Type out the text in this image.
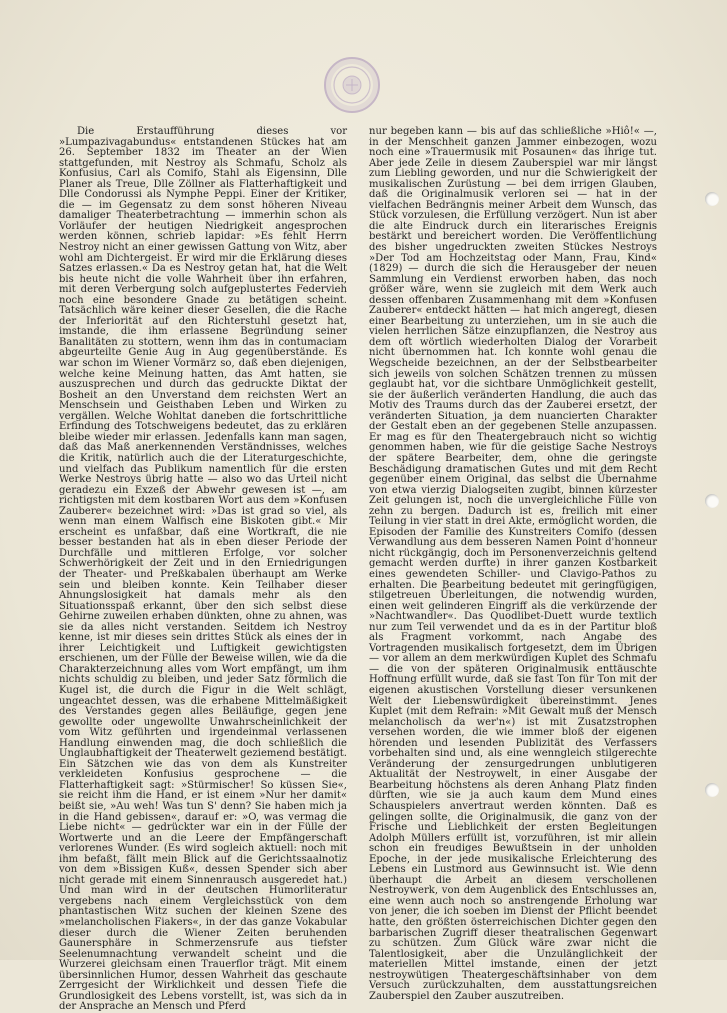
Die Erstaufführung dieses vor »Lumpazivagabundus« entstandenen Stückes hat am 26. September 1832 im Theater an der Wien stattgefunden, mit Nestroy als Schmafu, Scholz als Konfusius, Carl als Comifo, Stahl als Eigensinn, Dlle Planer als Treue, Dlle Zöllner als Flatterhaftigkeit und Dlle Condorussi als Nymphe Peppi. Einer der Kritiker, die — im Gegensatz zu dem sonst höheren Niveau damaliger Theaterbetrachtung — immerhin schon als Vorläufer der heutigen Niedrigkeit angesprochen werden können, schrieb lapidar: »Es fehlt Herrn Nestroy nicht an einer gewissen Gattung von Witz, aber wohl am Dichtergeist. Er wird mir die Erklärung dieses Satzes erlassen.« Da es Nestroy getan hat, hat die Welt bis heute nicht die volle Wahrheit über ihn erfahren, mit deren Verbergung solch aufgeplustertes Federvieh noch eine besondere Gnade zu betätigen scheint. Tatsächlich wäre keiner dieser Gesellen, die die Rache der Inferiorität auf den Richterstuhl gesetzt hat, imstande, die ihm erlassene Begründung seiner Banalitäten zu stottern, wenn ihm das in contumaciam abgeurteilte Genie Aug in Aug gegenüberstände. Es war schon im Wiener Vormärz so, daß eben diejenigen, welche keine Meinung hatten, das Amt hatten, sie auszusprechen und durch das gedruckte Diktat der Bosheit an den Unverstand dem reichsten Wert an Menschsein und Geisthaben Leben und Wirken zu vergällen. Welche Wohltat daneben die fortschrittliche Erfindung des Totschweigens bedeutet, das zu erklären bleibe wieder mir erlassen. Jedenfalls kann man sagen, daß das Maß anerkennenden Verständnisses, welches die Kritik, natürlich auch die der Literaturgeschichte, und vielfach das Publikum namentlich für die ersten Werke Nestroys übrig hatte — also wo das Urteil nicht geradezu ein Exzeß der Abwehr gewesen ist —, am richtigsten mit dem kostbaren Wort aus dem »Konfusen Zauberer« bezeichnet wird: »Das ist grad so viel, als wenn man einem Walfisch eine Biskoten gibt.« Mir erscheint es unfaßbar, daß eine Wortkraft, die nie besser bestanden hat als in eben dieser Periode der Durchfälle und mittleren Erfolge, vor solcher Schwerhörigkeit der Zeit und in den Erniedrigungen der Theater- und Preßkabalen überhaupt am Werke sein und bleiben konnte. Kein Teilhaber dieser Ahnungslosigkeit hat damals mehr als den Situationsspaß erkannt, über den sich selbst diese Gehirne zuweilen erhaben dünkten, ohne zu ahnen, was sie da alles nicht verstanden. Seitdem ich Nestroy kenne, ist mir dieses sein drittes Stück als eines der in ihrer Leichtigkeit und Luftigkeit gewichtigsten erschienen, um der Fülle der Beweise willen, wie da die Charakterzeichnung alles vom Wort empfängt, um ihm nichts schuldig zu bleiben, und jeder Satz förmlich die Kugel ist, die durch die Figur in die Welt schlägt, ungeachtet dessen, was die erhabene Mittelmäßigkeit des Verstandes gegen alles Beiläufige, gegen jene gewollte oder ungewollte Unwahrscheinlichkeit der vom Witz geführten und irgendeinmal verlassenen Handlung einwenden mag, die doch schließlich die Unglaubhaftigkeit der Theaterwelt geziemend bestätigt. Ein Sätzchen wie das von dem als Kunstreiter verkleideten Konfusius gesprochene — die Flatterhaftigkeit sagt: »Stürmischer! So küssen Sie«, sie reicht ihm die Hand, er ist einem »Nur her damit« beißt sie, »Au weh! Was tun S' denn? Sie haben mich ja in die Hand gebissen«, darauf er: »O, was vermag die Liebe nicht« — gedrückter war ein in der Fülle der Wortwerte und an die Leere der Empfängerschaft verlorenes Wunder. (Es wird sogleich aktuell: noch mit ihm befaßt, fällt mein Blick auf die Gerichtssaalnotiz von dem »Bissigen Kuß«, dessen Spender sich aber nicht gerade mit einem Sinnenrausch ausgeredet hat.) Und man wird in der deutschen Humorliteratur vergebens nach einem Vergleichsstück von dem phantastischen Witz suchen der kleinen Szene des »melancholischen Fiakers«, in der das ganze Vokabular dieser durch die Wiener Zeiten beruhenden Gaunersphäre in Schmerzensrufe aus tiefster Seelenumnachtung verwandelt scheint und die Wurzerei gleichsam einen Trauerflor trägt. Mit einem übersinnlichen Humor, dessen Wahrheit das geschaute Zerrgesicht der Wirklichkeit und dessen Tiefe die Grundlosigkeit des Lebens vorstellt, ist, was sich da in der Ansprache an Mensch und Pferd

nur begeben kann — bis auf das schließliche »Hiô!« —, in der Menschheit ganzen Jammer einbezogen, wozu noch eine »Trauermusik mit Posaunen« das ihrige tut. Aber jede Zeile in diesem Zauberspiel war mir längst zum Liebling geworden, und nur die Schwierigkeit der musikalischen Zurüstung — bei dem irrigen Glauben, daß die Originalmusik verloren sei — hat in der vielfachen Bedrängnis meiner Arbeit dem Wunsch, das Stück vorzulesen, die Erfüllung verzögert. Nun ist aber die alte Eindruck durch ein literarisches Ereignis bestärkt und bereichert worden. Die Veröffentlichung des bisher ungedruckten zweiten Stückes Nestroys »Der Tod am Hochzeitstag oder Mann, Frau, Kind« (1829) — durch die sich die Herausgeber der neuen Sammlung ein Verdienst erworben haben, das noch größer wäre, wenn sie zugleich mit dem Werk auch dessen offenbaren Zusammenhang mit dem »Konfusen Zauberer« entdeckt hätten — hat mich angeregt, diesen einer Bearbeitung zu unterziehen, um in sie auch die vielen herrlichen Sätze einzupflanzen, die Nestroy aus dem oft wörtlich wiederholten Dialog der Vorarbeit nicht übernommen hat. Ich konnte wohl genau die Wegscheide bezeichnen, an der der Selbstbearbeiter sich jeweils von solchen Schätzen trennen zu müssen geglaubt hat, vor die sichtbare Unmöglichkeit gestellt, sie der äußerlich veränderten Handlung, die auch das Motiv des Traums durch das der Zauberei ersetzt, der veränderten Situation, ja dem nuancierten Charakter der Gestalt eben an der gegebenen Stelle anzupassen. Er mag es für den Theatergebrauch nicht so wichtig genommen haben, wie für die geistige Sache Nestroys der spätere Bearbeiter, dem, ohne die geringste Beschädigung dramatischen Gutes und mit dem Recht gegenüber einem Original, das selbst die Übernahme von etwa vierzig Dialogseiten zugibt, binnen kürzester Zeit gelungen ist, noch die unvergleichliche Fülle von zehn zu bergen. Dadurch ist es, freilich mit einer Teilung in vier statt in drei Akte, ermöglicht worden, die Episoden der Familie des Kunstreiters Comifo (dessen Verwandlung aus dem besseren Namen Point d'honneur nicht rückgängig, doch im Personenverzeichnis geltend gemacht werden durfte) in ihrer ganzen Kostbarkeit eines gewendeten Schiller- und Clavigo-Pathos zu erhalten. Die Bearbeitung bedeutet mit geringfügigen, stilgetreuen Überleitungen, die notwendig wurden, einen weit gelinderen Eingriff als die verkürzende der »Nachtwandler«. Das Quodlibet-Duett wurde textlich nur zum Teil verwendet und da es in der Partitur bloß als Fragment vorkommt, nach Angabe des Vortragenden musikalisch fortgesetzt, dem im Übrigen — vor allem an dem merkwürdigen Kuplet des Schmafu — die von der späteren Originalmusik enttäuschte Hoffnung erfüllt wurde, daß sie fast Ton für Ton mit der eigenen akustischen Vorstellung dieser versunkenen Welt der Liebenswürdigkeit übereinstimmt. Jenes Kuplet (mit dem Refrain: »Mit Gewalt muß der Mensch melancholisch da wer'n«) ist mit Zusatzstrophen versehen worden, die wie immer bloß der eigenen hörenden und lesenden Publizität des Verfassers vorbehalten sind und, als eine wenngleich stilgerechte Veränderung der zensurgedrungen unblutigeren Aktualität der Nestroywelt, in einer Ausgabe der Bearbeitung höchstens als deren Anhang Platz finden dürften, wie sie ja auch kaum dem Mund eines Schauspielers anvertraut werden könnten. Daß es gelingen sollte, die Originalmusik, die ganz von der Frische und Lieblichkeit der ersten Begleitungen Adolph Müllers erfüllt ist, vorzuführen, ist mir allein schon ein freudiges Bewußtsein in der unholden Epoche, in der jede musikalische Erleichterung des Lebens ein Lustmord aus Gewinnsucht ist. Wie denn überhaupt die Arbeit an diesem verschollenen Nestroywerk, von dem Augenblick des Entschlusses an, eine wenn auch noch so anstrengende Erholung war von jener, die ich soeben im Dienst der Pflicht beendet hatte, den größten österreichischen Dichter gegen den barbarischen Zugriff dieser theatralischen Gegenwart zu schützen. Zum Glück wäre zwar nicht die Talentlosigkeit, aber die Unzulänglichkeit der materiellen Mittel imstande, einen der jetzt nestroywütigen Theatergeschäftsinhaber von dem Versuch zurückzuhalten, dem ausstattungsreichen Zauberspiel den Zauber auszutreiben.
